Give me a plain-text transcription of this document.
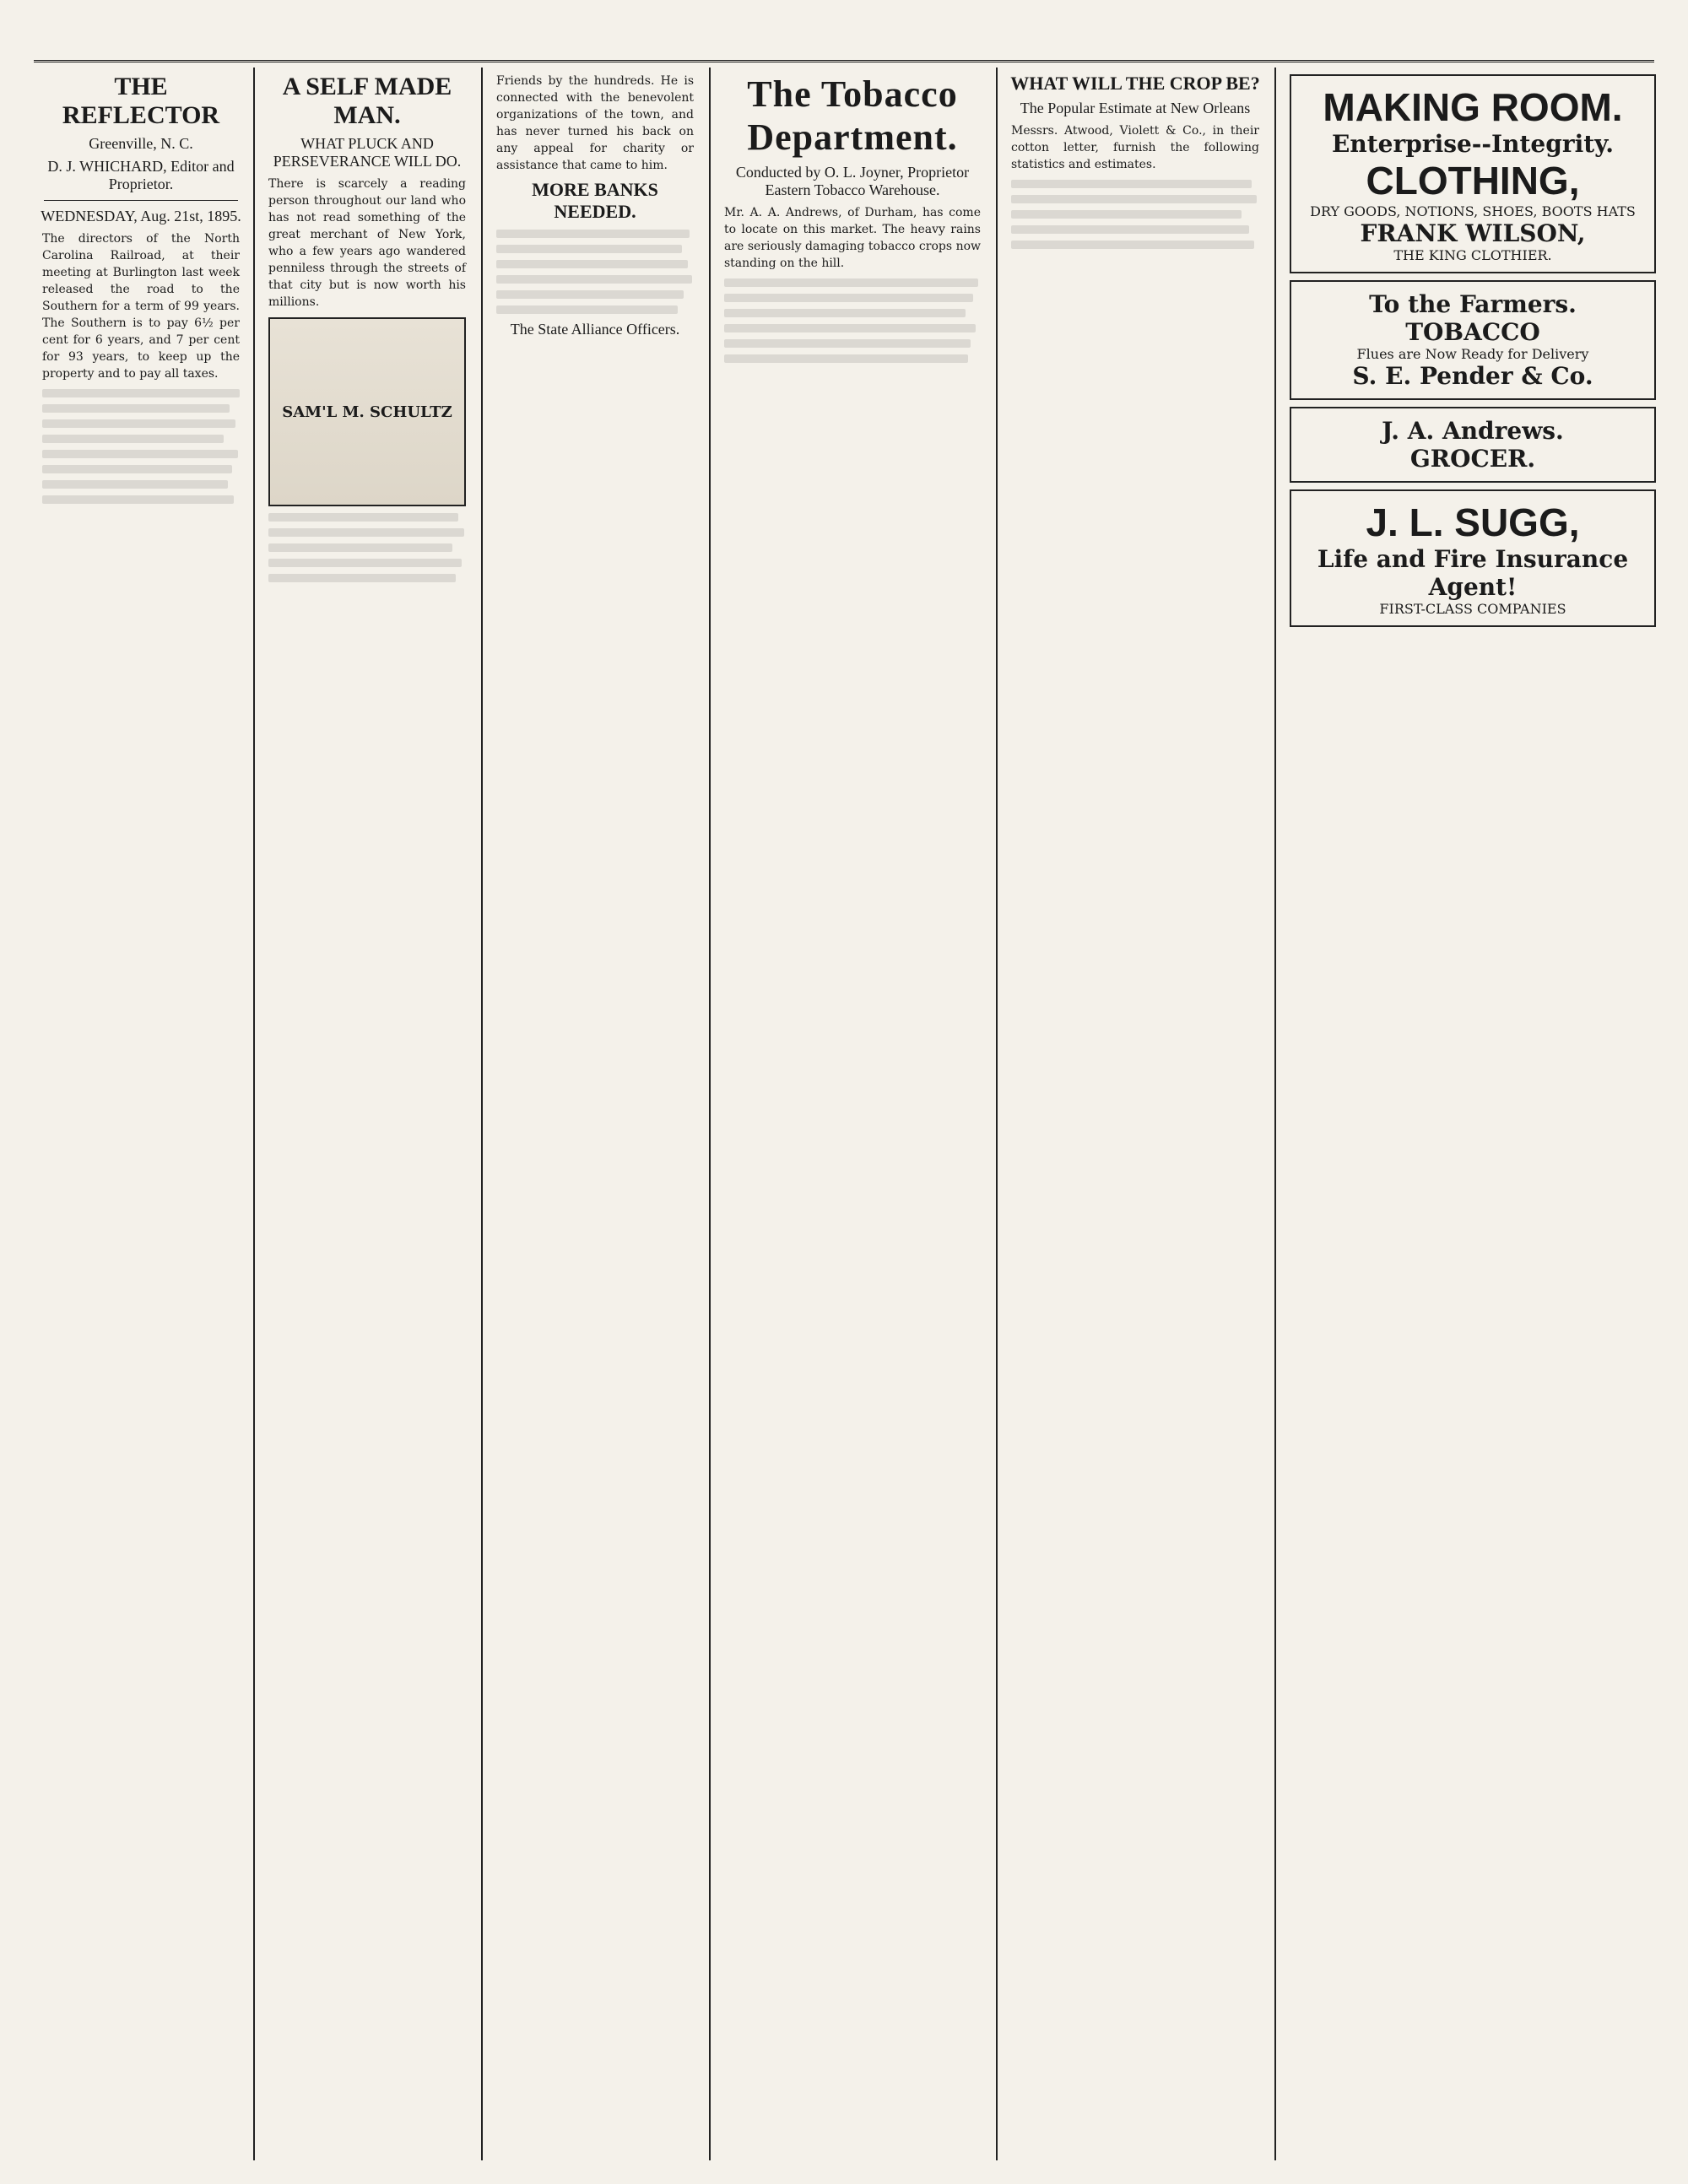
THE REFLECTOR
Greenville, N. C.
D. J. WHICHARD, Editor and Proprietor.
WEDNESDAY, Aug. 21st, 1895.
The directors of the North Carolina Railroad, at their meeting at Burlington last week released the road to the Southern for a term of 99 years. The Southern is to pay 6½ per cent for 6 years, and 7 per cent for 93 years, to keep up the property and to pay all taxes.
A SELF MADE MAN.
WHAT PLUCK AND PERSEVERANCE WILL DO.
There is scarcely a reading person throughout our land who has not read something of the great merchant of New York, who a few years ago wandered penniless through the streets of that city but is now worth his millions.
SAM'L M. SCHULTZ
Friends by the hundreds. He is connected with the benevolent organizations of the town, and has never turned his back on any appeal for charity or assistance that came to him.
MORE BANKS NEEDED.
The State Alliance Officers.
The Tobacco Department.
Conducted by O. L. Joyner, Proprietor Eastern Tobacco Warehouse.
Mr. A. A. Andrews, of Durham, has come to locate on this market. The heavy rains are seriously damaging tobacco crops now standing on the hill.
WHAT WILL THE CROP BE?
The Popular Estimate at New Orleans
Messrs. Atwood, Violett & Co., in their cotton letter, furnish the following statistics and estimates.
MAKING ROOM.
Enterprise--Integrity.
CLOTHING,
DRY GOODS, NOTIONS, SHOES, BOOTS HATS
FRANK WILSON,
THE KING CLOTHIER.
To the Farmers.
TOBACCO
Flues are Now Ready for Delivery
S. E. Pender & Co.
J. A. Andrews.
GROCER.
J. L. SUGG,
Life and Fire Insurance Agent!
FIRST-CLASS COMPANIES
